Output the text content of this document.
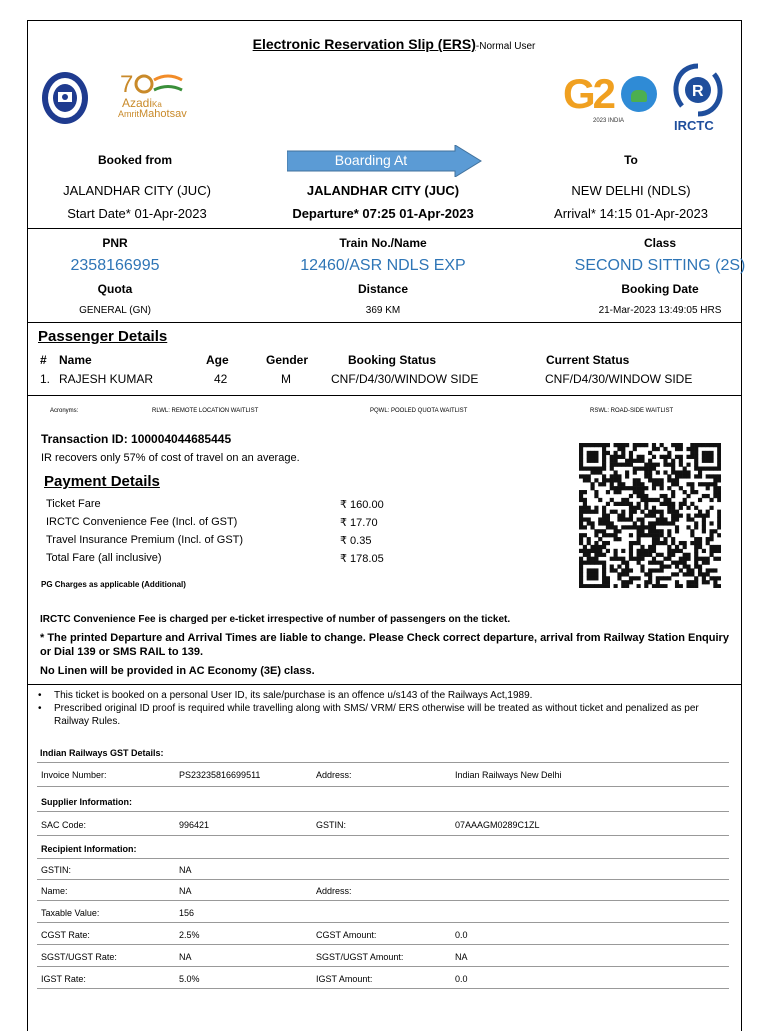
Electronic Reservation Slip (ERS)-Normal User
7
AzadiKa
AmritMahotsav	G2
2023 INDIA
R
IRCTC
Booked from	Boarding At	To
JALANDHAR CITY (JUC)	JALANDHAR CITY (JUC)	NEW DELHI (NDLS)
Start Date* 01-Apr-2023	Departure* 07:25 01-Apr-2023	Arrival* 14:15 01-Apr-2023
PNR	Train No./Name	Class
2358166995	12460/ASR NDLS EXP	SECOND SITTING (2S)
Quota	Distance	Booking Date
GENERAL (GN)	369 KM	21-Mar-2023 13:49:05 HRS
Passenger Details
# Name	Age	Gender	Booking Status	Current Status
1. RAJESH KUMAR	42	M	CNF/D4/30/WINDOW SIDE	CNF/D4/30/WINDOW SIDE
Acronyms:	RLWL: REMOTE LOCATION WAITLIST	PQWL: POOLED QUOTA WAITLIST	RSWL: ROAD-SIDE WAITLIST
Transaction ID: 100004044685445
IR recovers only 57% of cost of travel on an average.
Payment Details
Ticket Fare	₹ 160.00
IRCTC Convenience Fee (Incl. of GST)	₹ 17.70
Travel Insurance Premium (Incl. of GST)	₹ 0.35
Total Fare (all inclusive)	₹ 178.05
PG Charges as applicable (Additional)
IRCTC Convenience Fee is charged per e-ticket irrespective of number of passengers on the ticket.
* The printed Departure and Arrival Times are liable to change. Please Check correct departure, arrival from Railway Station Enquiry or Dial 139 or SMS RAIL to 139.
No Linen will be provided in AC Economy (3E) class.
•	This ticket is booked on a personal User ID, its sale/purchase is an offence u/s143 of the Railways Act,1989.
•	Prescribed original ID proof is required while travelling along with SMS/ VRM/ ERS otherwise will be treated as without ticket and penalized as per Railway Rules.
Indian Railways GST Details:
Invoice Number:	PS23235816699511	Address:	Indian Railways New Delhi
Supplier Information:
SAC Code:	996421	GSTIN:	07AAAGM0289C1ZL
Recipient Information:
GSTIN:	NA
Name:	NA	Address:
Taxable Value:	156
CGST Rate:	2.5%	CGST Amount:	0.0
SGST/UGST Rate:	NA	SGST/UGST Amount:	NA
IGST Rate:	5.0%	IGST Amount:	0.0
